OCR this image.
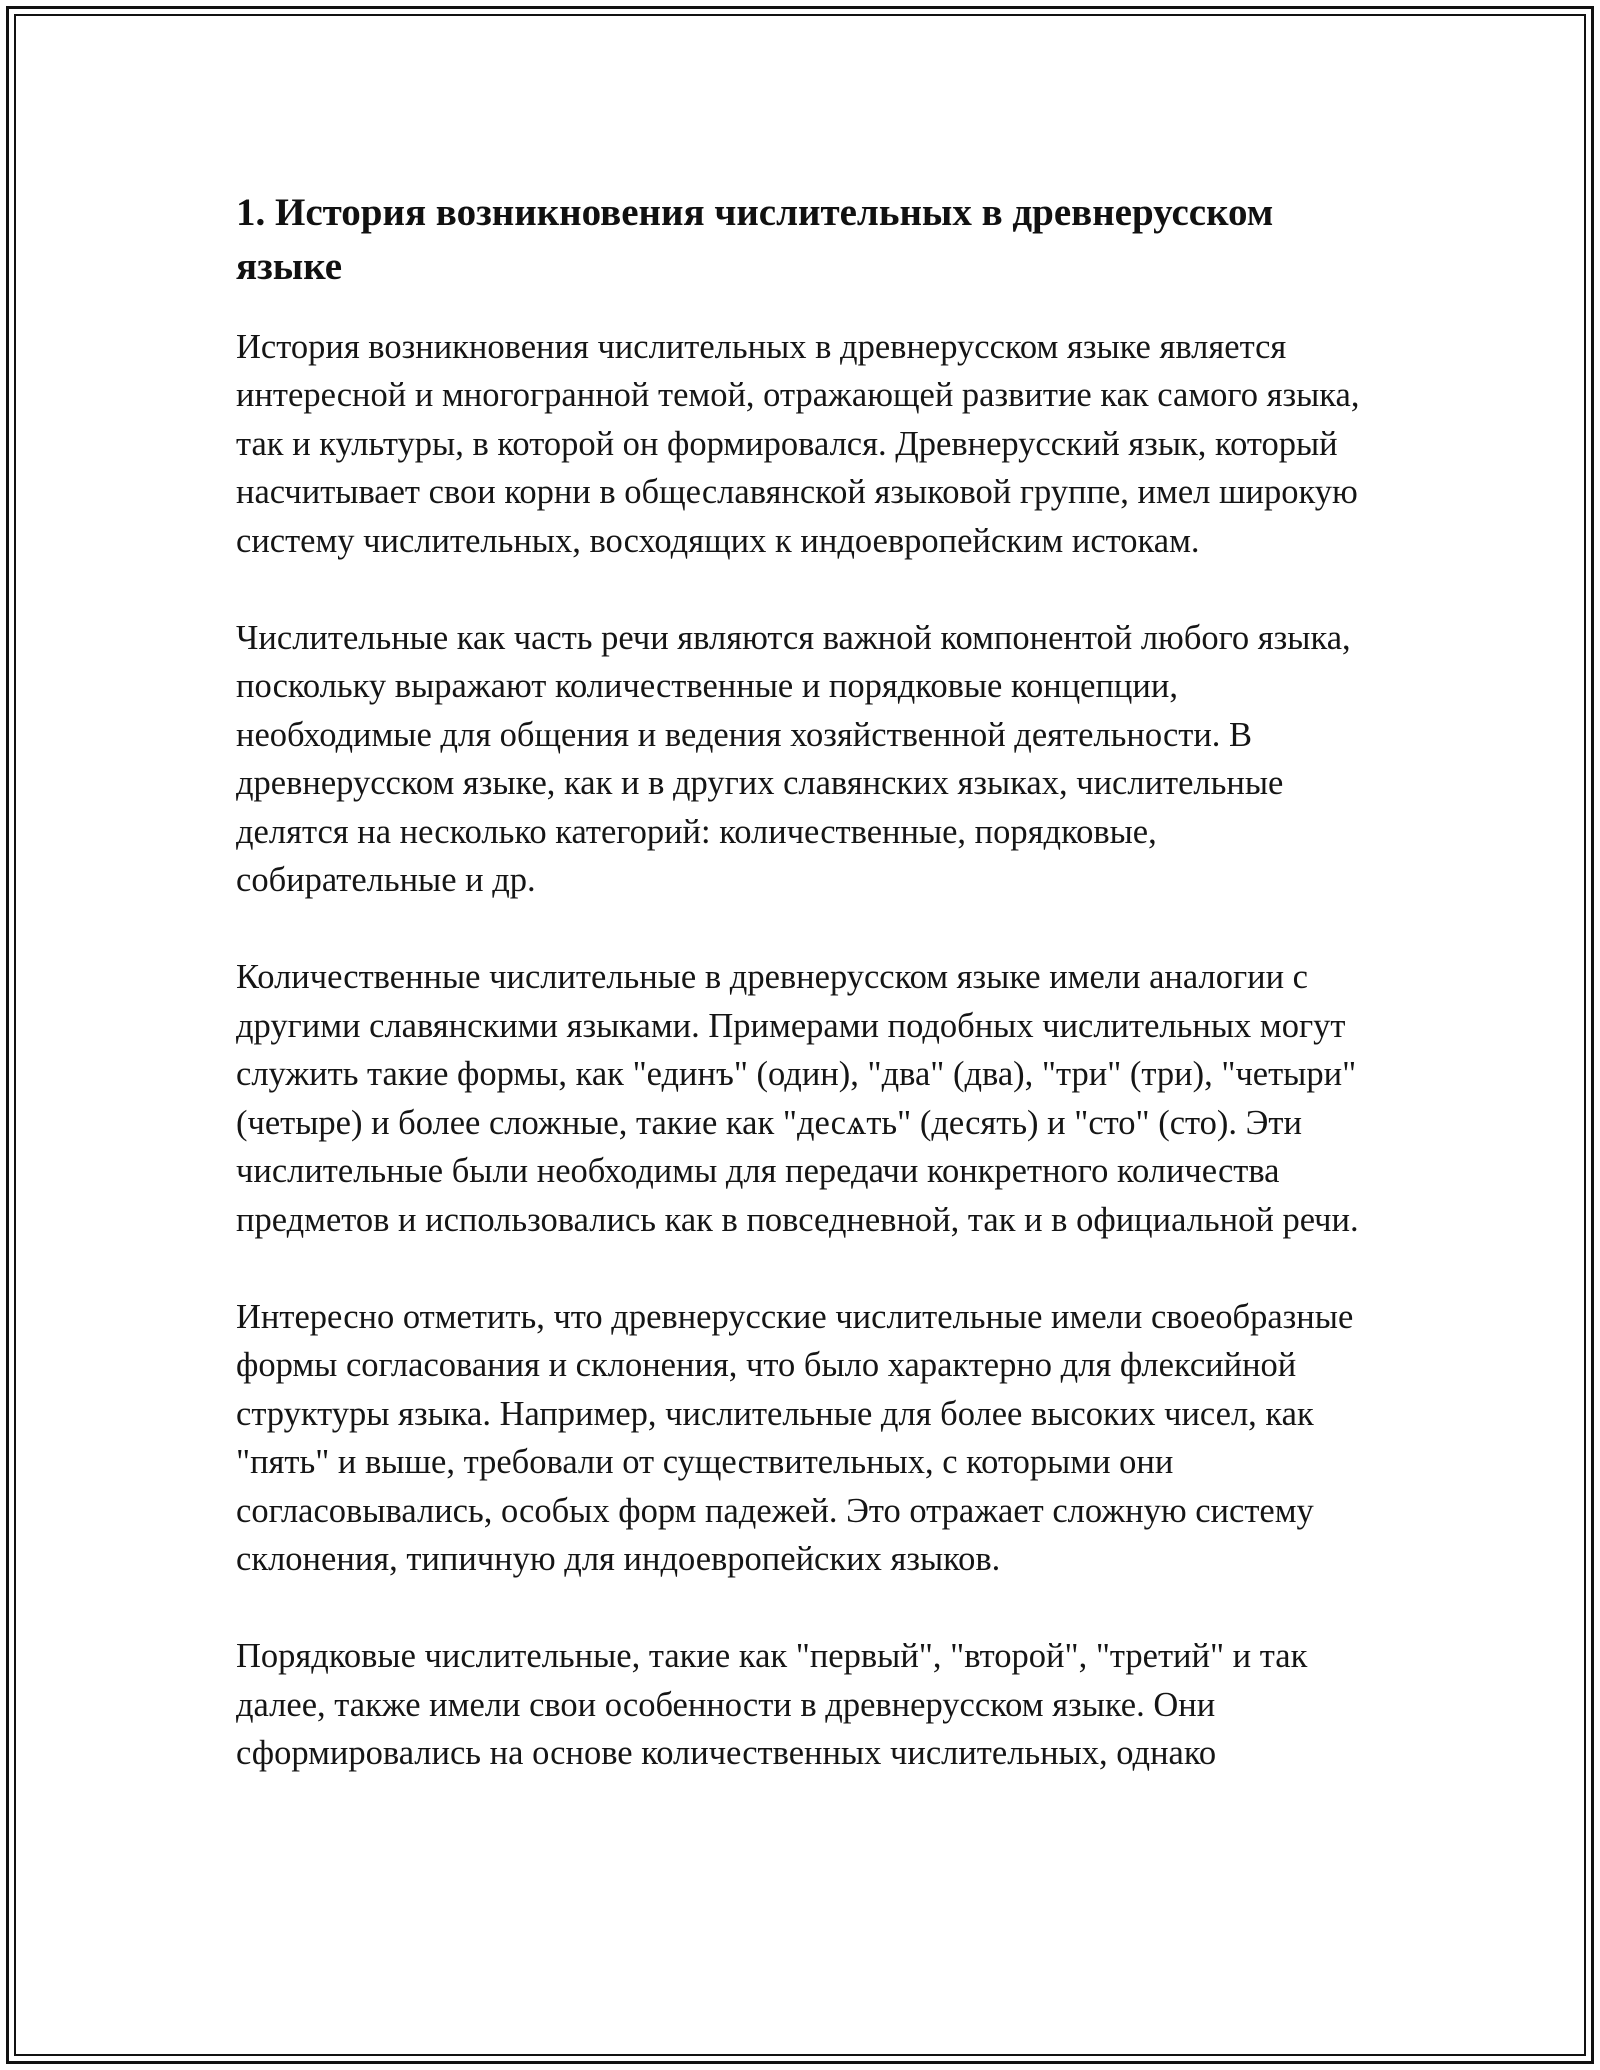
1. История возникновения числительных в древнерусском языке

История возникновения числительных в древнерусском языке является интересной и многогранной темой, отражающей развитие как самого языка, так и культуры, в которой он формировался. Древнерусский язык, который насчитывает свои корни в общеславянской языковой группе, имел широкую систему числительных, восходящих к индоевропейским истокам.

Числительные как часть речи являются важной компонентой любого языка, поскольку выражают количественные и порядковые концепции, необходимые для общения и ведения хозяйственной деятельности. В древнерусском языке, как и в других славянских языках, числительные делятся на несколько категорий: количественные, порядковые, собирательные и др.

Количественные числительные в древнерусском языке имели аналогии с другими славянскими языками. Примерами подобных числительных могут служить такие формы, как "единъ" (один), "два" (два), "три" (три), "четыри" (четыре) и более сложные, такие как "десѧть" (десять) и "сто" (сто). Эти числительные были необходимы для передачи конкретного количества предметов и использовались как в повседневной, так и в официальной речи.

Интересно отметить, что древнерусские числительные имели своеобразные формы согласования и склонения, что было характерно для флексийной структуры языка. Например, числительные для более высоких чисел, как "пять" и выше, требовали от существительных, с которыми они согласовывались, особых форм падежей. Это отражает сложную систему склонения, типичную для индоевропейских языков.

Порядковые числительные, такие как "первый", "второй", "третий" и так далее, также имели свои особенности в древнерусском языке. Они сформировались на основе количественных числительных, однако
